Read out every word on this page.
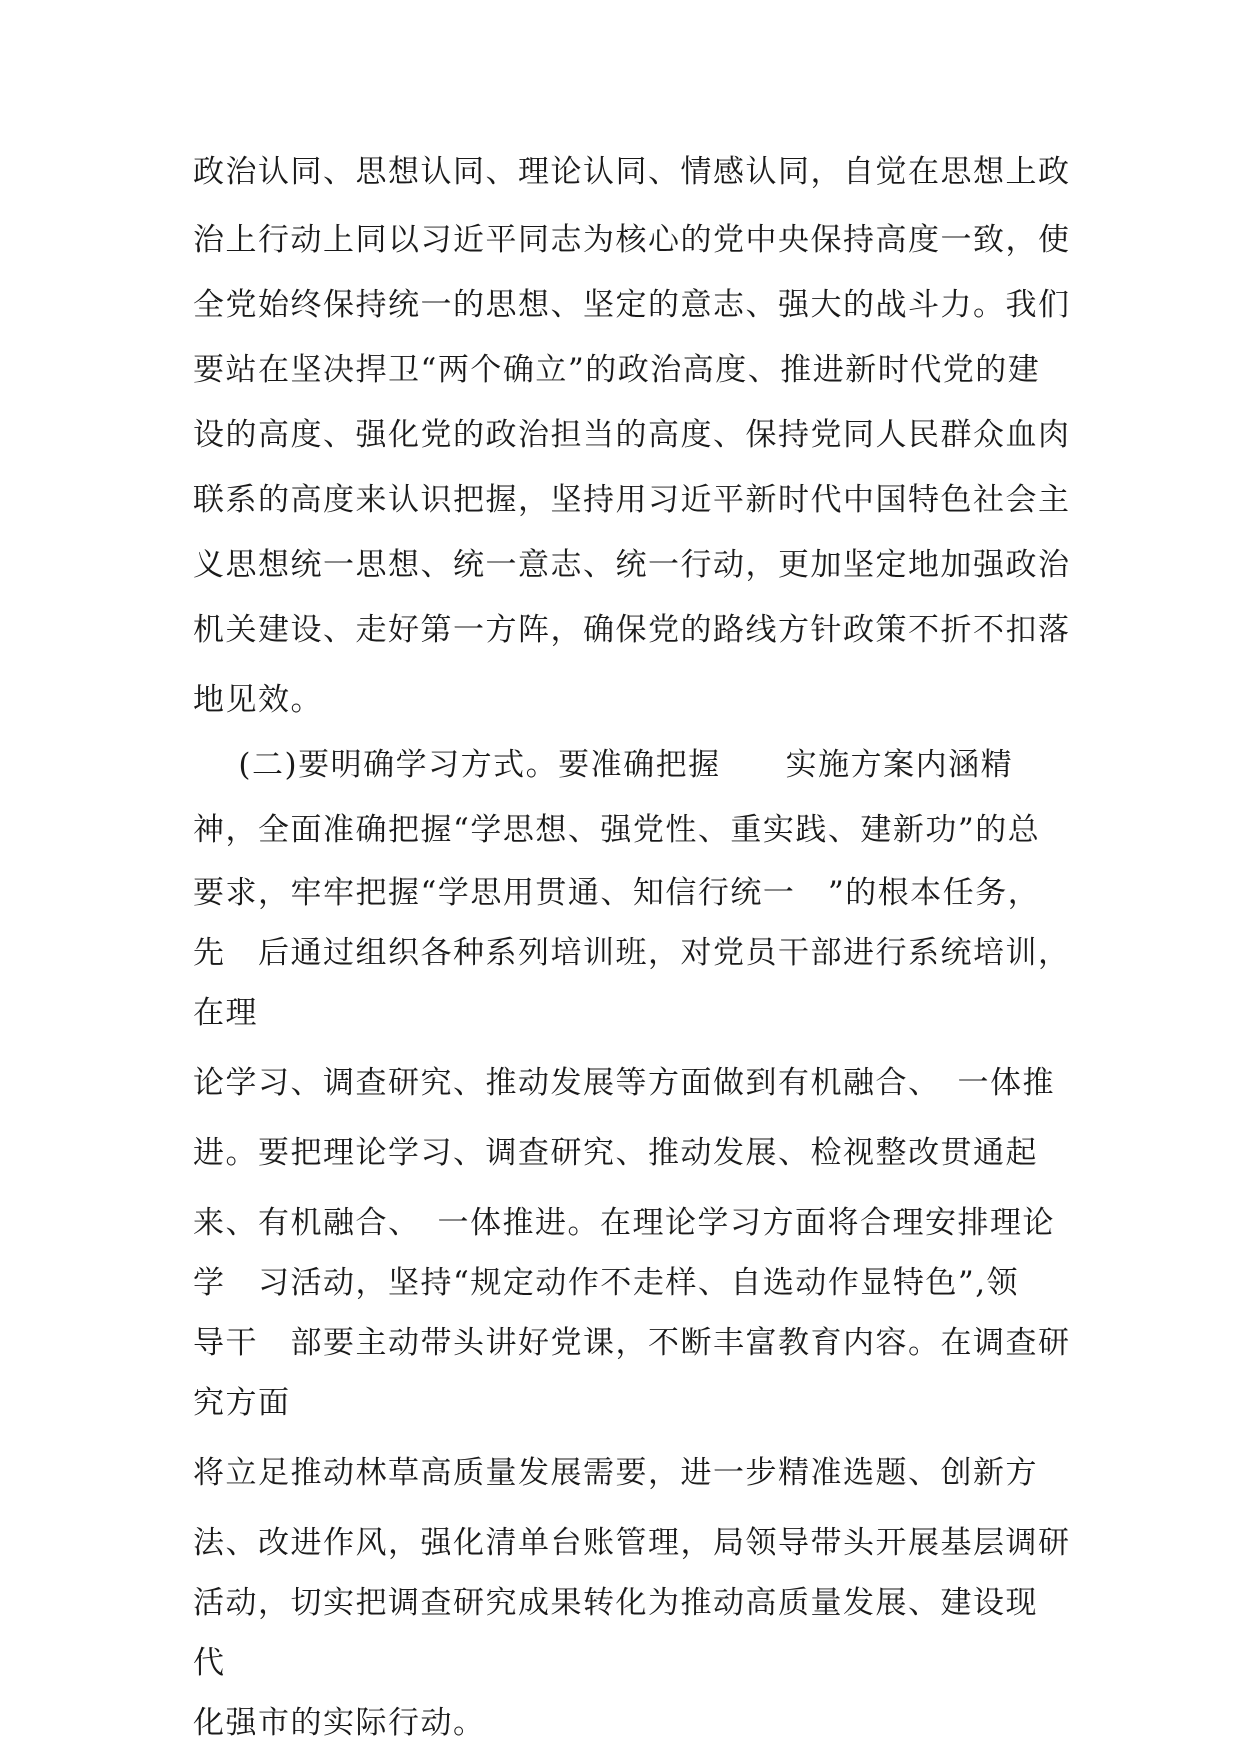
政治认同、思想认同、理论认同、情感认同，自觉在思想上政

治上行动上同以习近平同志为核心的党中央保持高度一致，使

全党始终保持统一的思想、坚定的意志、强大的战斗力。我们

要站在坚决捍卫“两个确立”的政治高度、推进新时代党的建

设的高度、强化党的政治担当的高度、保持党同人民群众血肉

联系的高度来认识把握，坚持用习近平新时代中国特色社会主

义思想统一思想、统一意志、统一行动，更加坚定地加强政治

机关建设、走好第一方阵，确保党的路线方针政策不折不扣落

地见效。

(二)要明确学习方式。要准确把握　　实施方案内涵精

神，全面准确把握“学思想、强党性、重实践、建新功”的总

要求，牢牢把握“学思用贯通、知信行统一　”的根本任务，

先　后通过组织各种系列培训班，对党员干部进行系统培训，

在理

论学习、调查研究、推动发展等方面做到有机融合、　一体推

进。要把理论学习、调查研究、推动发展、检视整改贯通起

来、有机融合、　一体推进。在理论学习方面将合理安排理论

学　习活动，坚持“规定动作不走样、自选动作显特色”,领

导干　部要主动带头讲好党课，不断丰富教育内容。在调查研

究方面

将立足推动林草高质量发展需要，进一步精准选题、创新方

法、改进作风，强化清单台账管理，局领导带头开展基层调研

活动，切实把调查研究成果转化为推动高质量发展、建设现

代

化强市的实际行动。
